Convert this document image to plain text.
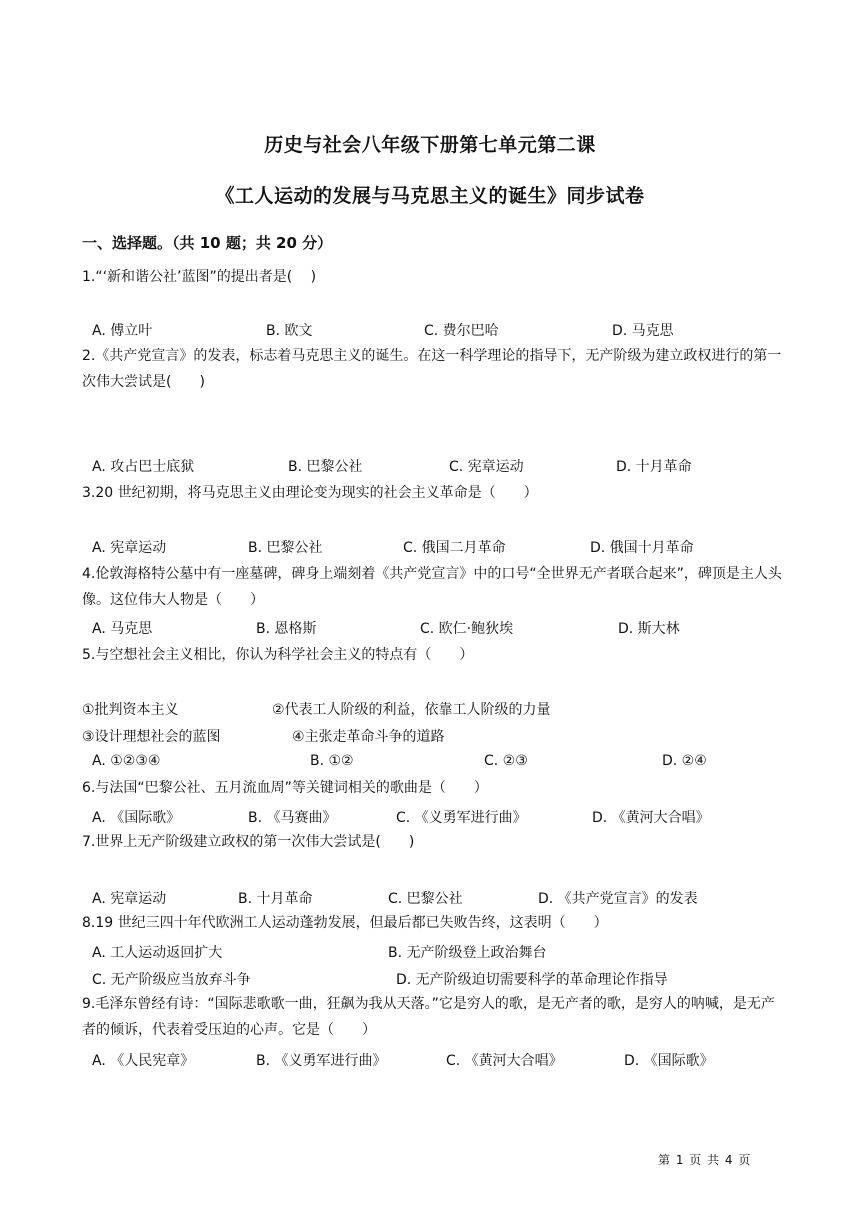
历史与社会八年级下册第七单元第二课
《工人运动的发展与马克思主义的诞生》同步试卷
一、选择题。（共 10 题；共 20 分）
1.“‘新和谐公社’蓝图”的提出者是(　 )
A. 傅立叶	B. 欧文	C. 费尔巴哈	D. 马克思
2.《共产党宣言》的发表，标志着马克思主义的诞生。在这一科学理论的指导下，无产阶级为建立政权进行的第一次伟大尝试是(　　)
A. 攻占巴士底狱	B. 巴黎公社	C. 宪章运动	D. 十月革命
3.20 世纪初期，将马克思主义由理论变为现实的社会主义革命是（　　）
A. 宪章运动	B. 巴黎公社	C. 俄国二月革命	D. 俄国十月革命
4.伦敦海格特公墓中有一座墓碑，碑身上端刻着《共产党宣言》中的口号“全世界无产者联合起来”，碑顶是主人头像。这位伟大人物是（　　）
A. 马克思	B. 恩格斯	C. 欧仁·鲍狄埃	D. 斯大林
5.与空想社会主义相比，你认为科学社会主义的特点有（　　）
①批判资本主义	②代表工人阶级的利益，依靠工人阶级的力量
③设计理想社会的蓝图	④主张走革命斗争的道路
A. ①②③④	B. ①②	C. ②③	D. ②④
6.与法国“巴黎公社、五月流血周”等关键词相关的歌曲是（　　）
A. 《国际歌》	B. 《马赛曲》	C. 《义勇军进行曲》	D. 《黄河大合唱》
7.世界上无产阶级建立政权的第一次伟大尝试是(　　)
A. 宪章运动	B. 十月革命	C. 巴黎公社	D. 《共产党宣言》的发表
8.19 世纪三四十年代欧洲工人运动蓬勃发展，但最后都已失败告终，这表明（　　）
A. 工人运动返回扩大	B. 无产阶级登上政治舞台
C. 无产阶级应当放弃斗争	D. 无产阶级迫切需要科学的革命理论作指导
9.毛泽东曾经有诗：“国际悲歌歌一曲，狂飙为我从天落。”它是穷人的歌，是无产者的歌，是穷人的呐喊，是无产者的倾诉，代表着受压迫的心声。它是（　　）
A. 《人民宪章》	B. 《义勇军进行曲》	C. 《黄河大合唱》	D. 《国际歌》
第 1 页 共 4 页
